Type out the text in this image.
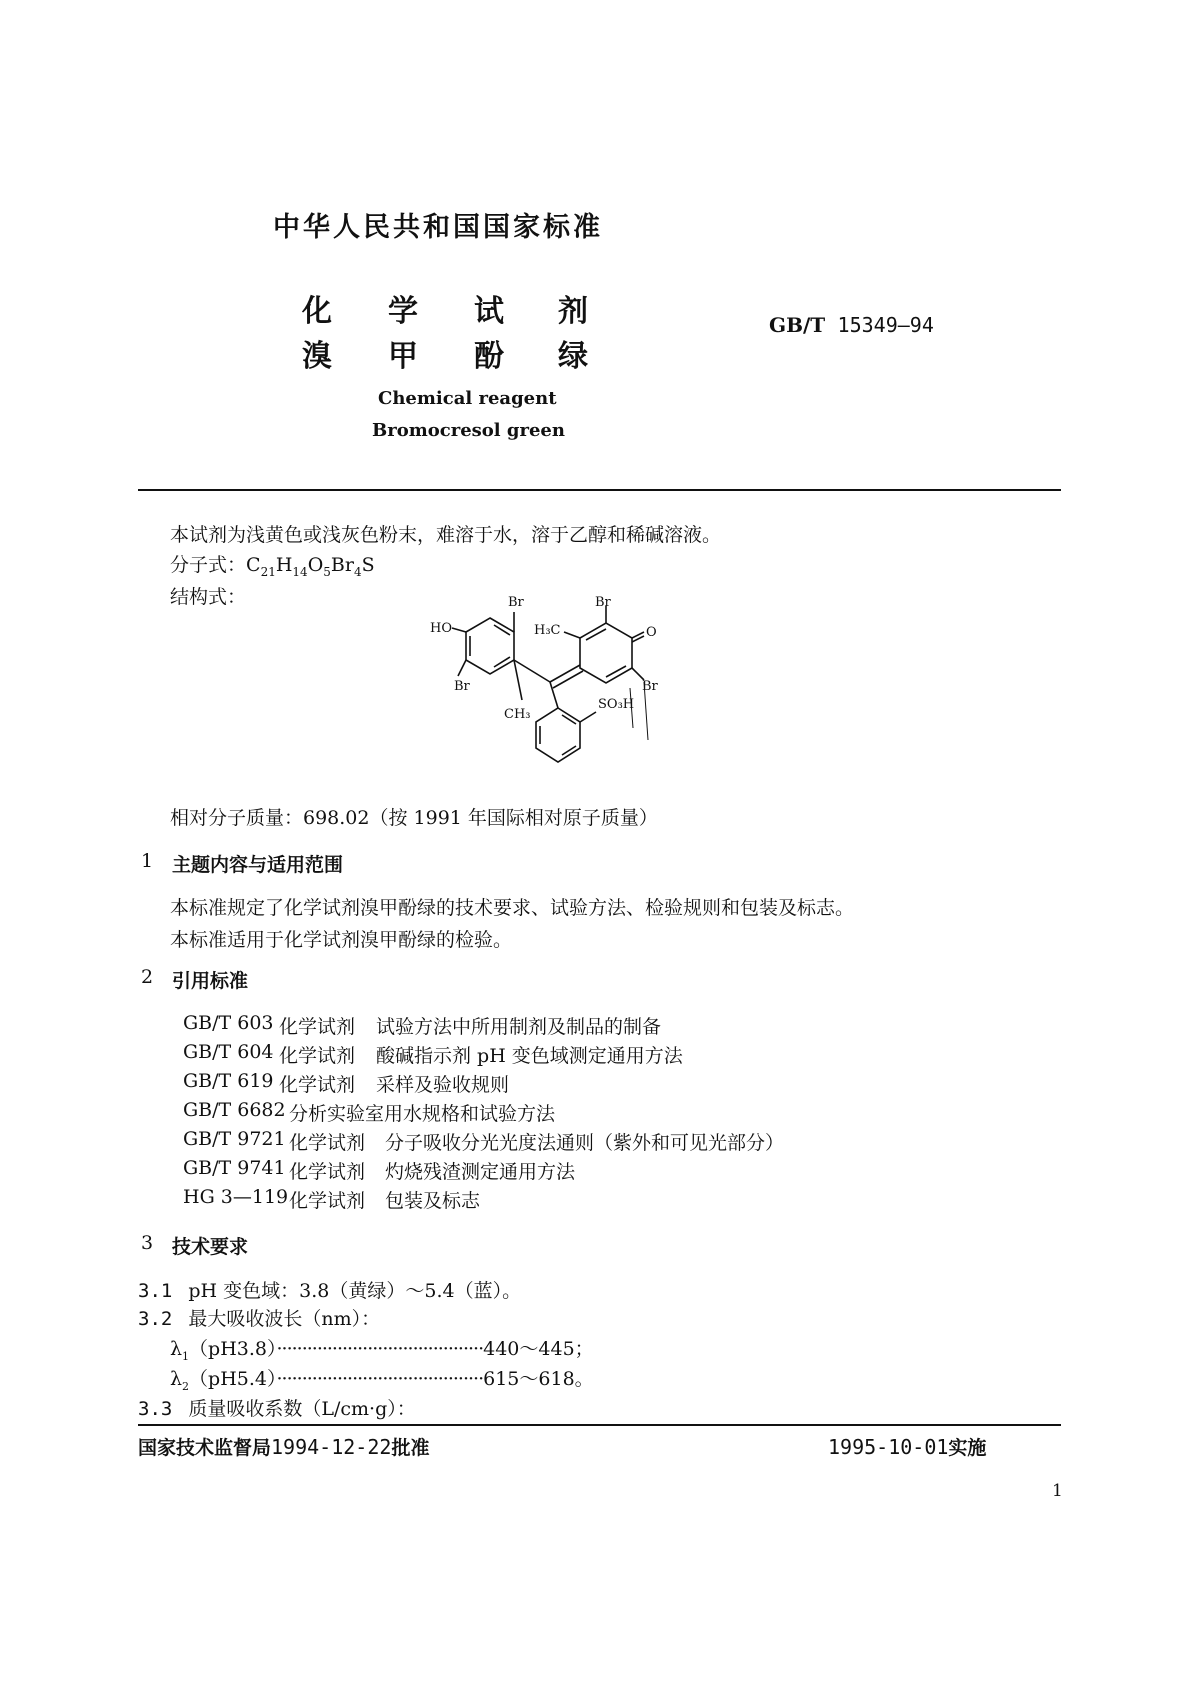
中华人民共和国国家标准
化 学 试 剂
溴 甲 酚 绿
GB/T 15349—94
Chemical reagent
Bromocresol green
本试剂为浅黄色或浅灰色粉末，难溶于水，溶于乙醇和稀碱溶液。
分子式：$C_{21}H_{14}O_5Br_4S$
结构式：	Br	Br
HO	H₃C	O
Br	Br
CH₃
SO₃H
相对分子质量：698.02（按 1991 年国际相对原子质量）
1 主题内容与适用范围
本标准规定了化学试剂溴甲酚绿的技术要求、试验方法、检验规则和包装及标志。
本标准适用于化学试剂溴甲酚绿的检验。
2 引用标准
GB/T 603 化学试剂 试验方法中所用制剂及制品的制备
GB/T 604 化学试剂 酸碱指示剂 pH 变色域测定通用方法
GB/T 619 化学试剂 采样及验收规则
GB/T 6682 分析实验室用水规格和试验方法
GB/T 9721 化学试剂 分子吸收分光光度法通则（紫外和可见光部分）
GB/T 9741 化学试剂 灼烧残渣测定通用方法
HG 3—119 化学试剂 包装及标志
3 技术要求
3.1 pH 变色域：3.8（黄绿）～5.4（蓝）。
3.2 最大吸收波长（nm）：
$\lambda_1(pH3.8)\cdot\cdot\cdot\cdot\cdot\cdot\cdot\cdot\cdot\cdot\cdot\cdot\cdot\cdot\cdot\cdot\cdot\cdot\cdot\cdot\cdot\cdot\cdot\cdot\cdot\cdot\cdot\cdot\cdot\cdot\cdot\cdot\cdot\cdot\cdot\cdot\cdot\cdot\cdot\cdot\cdot 440\sim 445$；
$\lambda_2(pH5.4)\cdot\cdot\cdot\cdot\cdot\cdot\cdot\cdot\cdot\cdot\cdot\cdot\cdot\cdot\cdot\cdot\cdot\cdot\cdot\cdot\cdot\cdot\cdot\cdot\cdot\cdot\cdot\cdot\cdot\cdot\cdot\cdot\cdot\cdot\cdot\cdot\cdot\cdot\cdot\cdot\cdot 615\sim 618$。
3.3 质量吸收系数（L/cm·g）：
国家技术监督局1994-12-22批准	1995-10-01实施
1
